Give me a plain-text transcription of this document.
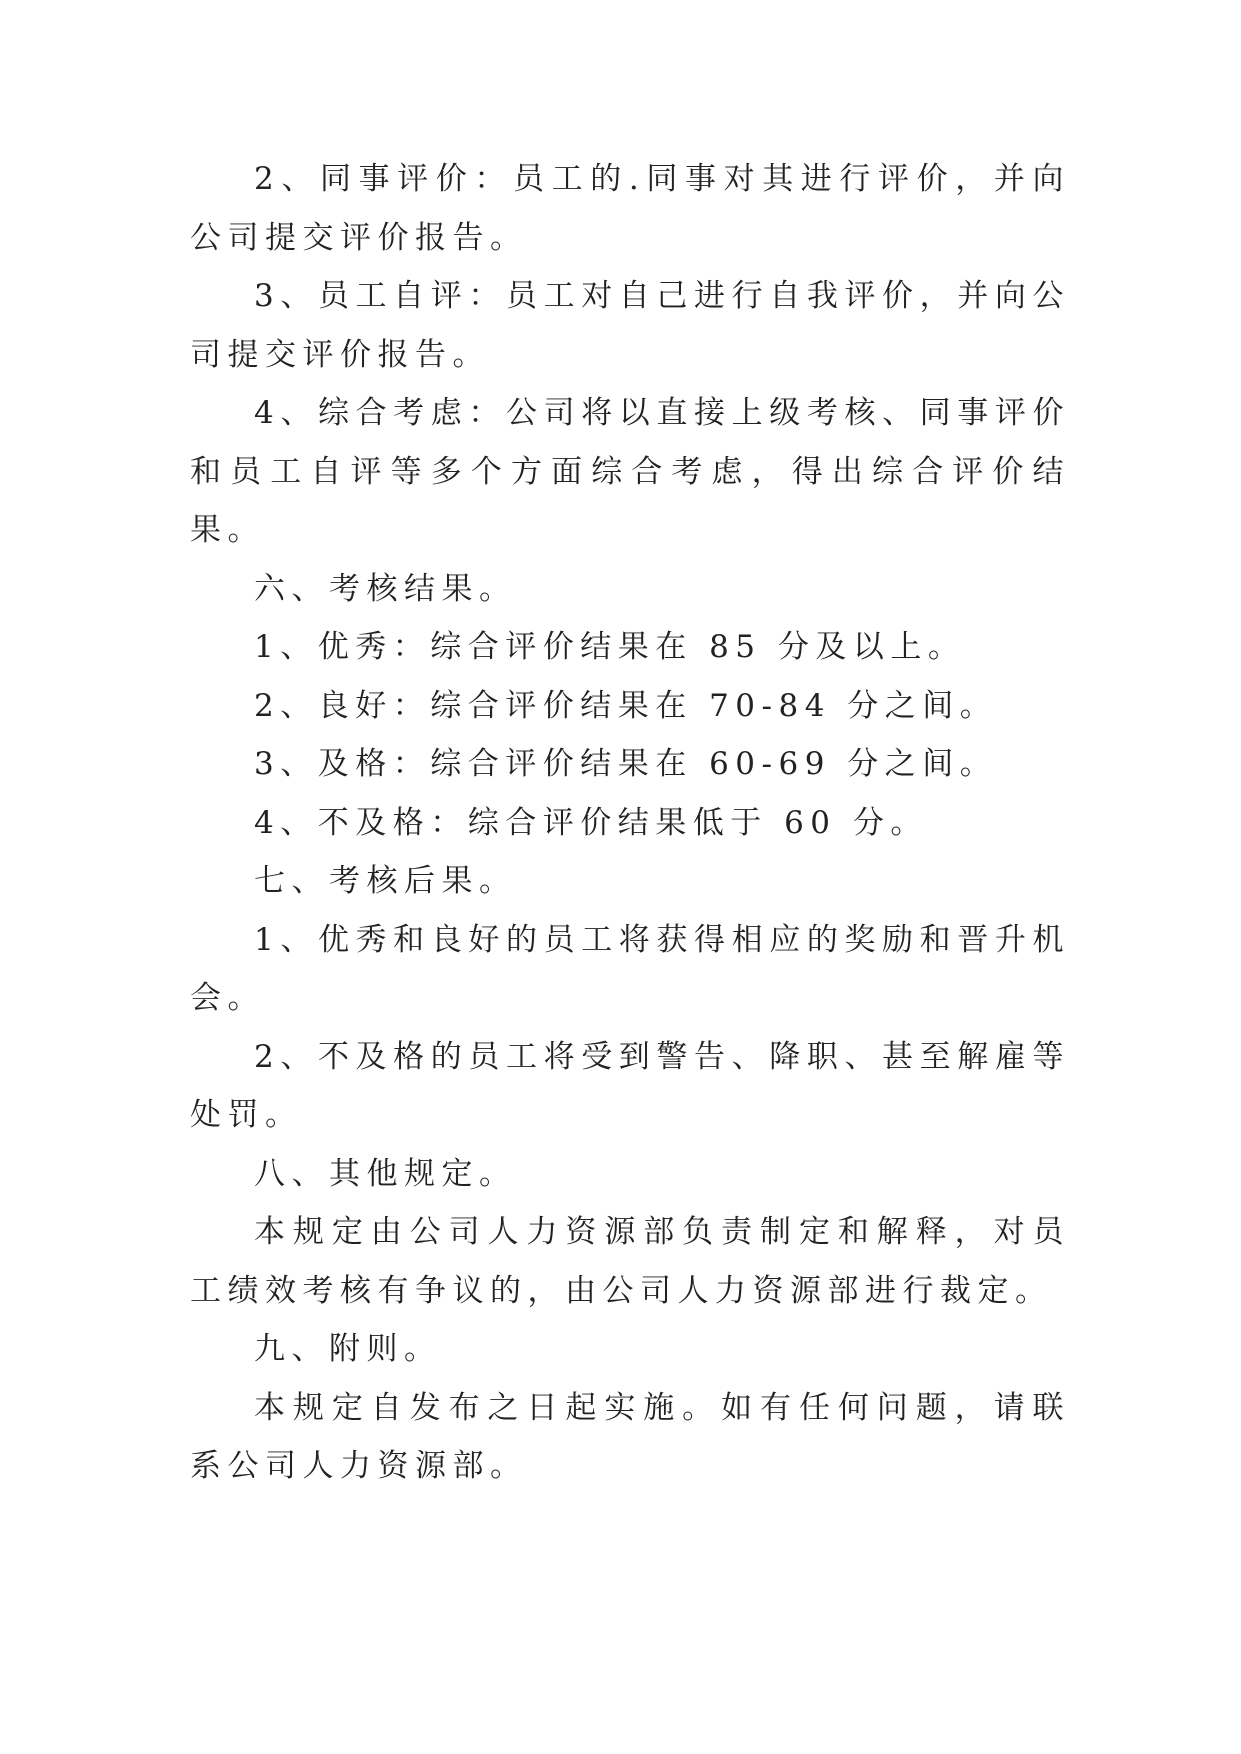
2、同事评价：员工的.同事对其进行评价，并向公司提交评价报告。

3、员工自评：员工对自己进行自我评价，并向公司提交评价报告。

4、综合考虑：公司将以直接上级考核、同事评价和员工自评等多个方面综合考虑，得出综合评价结果。

六、考核结果。

1、优秀：综合评价结果在 85 分及以上。

2、良好：综合评价结果在 70-84 分之间。

3、及格：综合评价结果在 60-69 分之间。

4、不及格：综合评价结果低于 60 分。

七、考核后果。

1、优秀和良好的员工将获得相应的奖励和晋升机会。

2、不及格的员工将受到警告、降职、甚至解雇等处罚。

八、其他规定。

本规定由公司人力资源部负责制定和解释，对员工绩效考核有争议的，由公司人力资源部进行裁定。

九、附则。

本规定自发布之日起实施。如有任何问题，请联系公司人力资源部。
